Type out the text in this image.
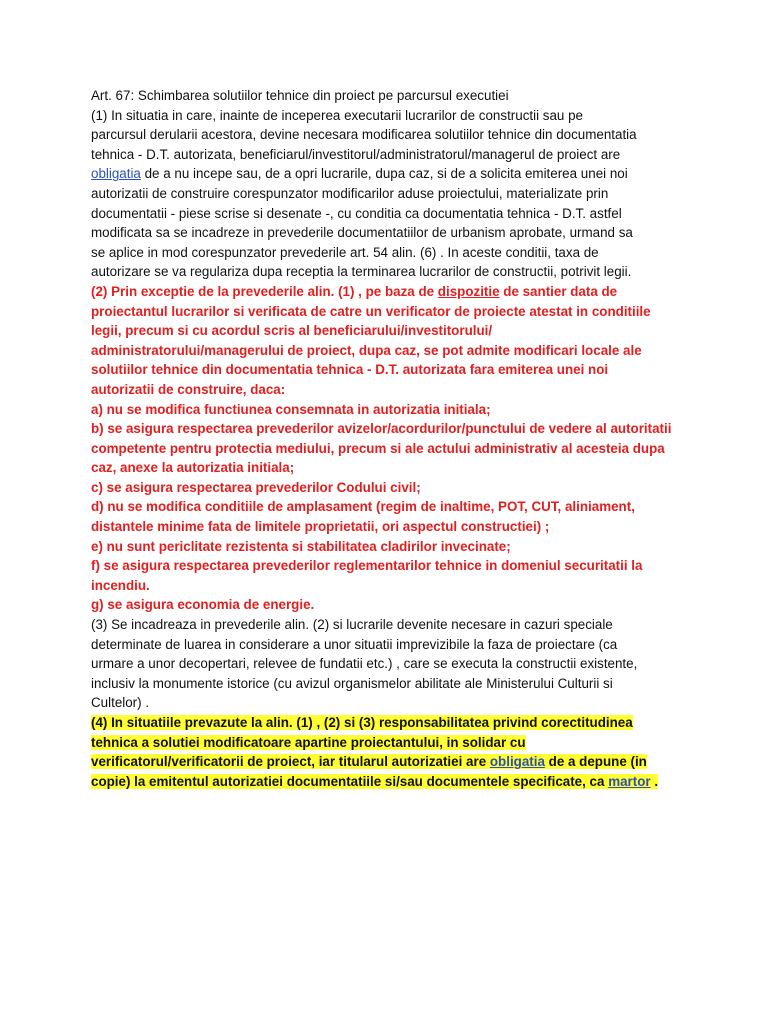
Art. 67: Schimbarea solutiilor tehnice din proiect pe parcursul executiei
(1) In situatia in care, inainte de inceperea executarii lucrarilor de constructii sau pe
parcursul derularii acestora, devine necesara modificarea solutiilor tehnice din documentatia
tehnica - D.T. autorizata, beneficiarul/investitorul/administratorul/managerul de proiect are
obligatia de a nu incepe sau, de a opri lucrarile, dupa caz, si de a solicita emiterea unei noi
autorizatii de construire corespunzator modificarilor aduse proiectului, materializate prin
documentatii - piese scrise si desenate -, cu conditia ca documentatia tehnica - D.T. astfel
modificata sa se incadreze in prevederile documentatiilor de urbanism aprobate, urmand sa
se aplice in mod corespunzator prevederile art. 54 alin. (6) . In aceste conditii, taxa de
autorizare se va regulariza dupa receptia la terminarea lucrarilor de constructii, potrivit legii.
(2) Prin exceptie de la prevederile alin. (1) , pe baza de dispozitie de santier data de
proiectantul lucrarilor si verificata de catre un verificator de proiecte atestat in conditiile
legii, precum si cu acordul scris al beneficiarului/investitorului/
administratorului/managerului de proiect, dupa caz, se pot admite modificari locale ale
solutiilor tehnice din documentatia tehnica - D.T. autorizata fara emiterea unei noi
autorizatii de construire, daca:
a) nu se modifica functiunea consemnata in autorizatia initiala;
b) se asigura respectarea prevederilor avizelor/acordurilor/punctului de vedere al autoritatii
competente pentru protectia mediului, precum si ale actului administrativ al acesteia dupa
caz, anexe la autorizatia initiala;
c) se asigura respectarea prevederilor Codului civil;
d) nu se modifica conditiile de amplasament (regim de inaltime, POT, CUT, aliniament,
distantele minime fata de limitele proprietatii, ori aspectul constructiei) ;
e) nu sunt periclitate rezistenta si stabilitatea cladirilor invecinate;
f) se asigura respectarea prevederilor reglementarilor tehnice in domeniul securitatii la
incendiu.
g) se asigura economia de energie.
(3) Se incadreaza in prevederile alin. (2) si lucrarile devenite necesare in cazuri speciale
determinate de luarea in considerare a unor situatii imprevizibile la faza de proiectare (ca
urmare a unor decopertari, relevee de fundatii etc.) , care se executa la constructii existente,
inclusiv la monumente istorice (cu avizul organismelor abilitate ale Ministerului Culturii si
Cultelor) .
(4) In situatiile prevazute la alin. (1) , (2) si (3) responsabilitatea privind corectitudinea
tehnica a solutiei modificatoare apartine proiectantului, in solidar cu
verificatorul/verificatorii de proiect, iar titularul autorizatiei are obligatia de a depune (in
copie) la emitentul autorizatiei documentatiile si/sau documentele specificate, ca martor .
